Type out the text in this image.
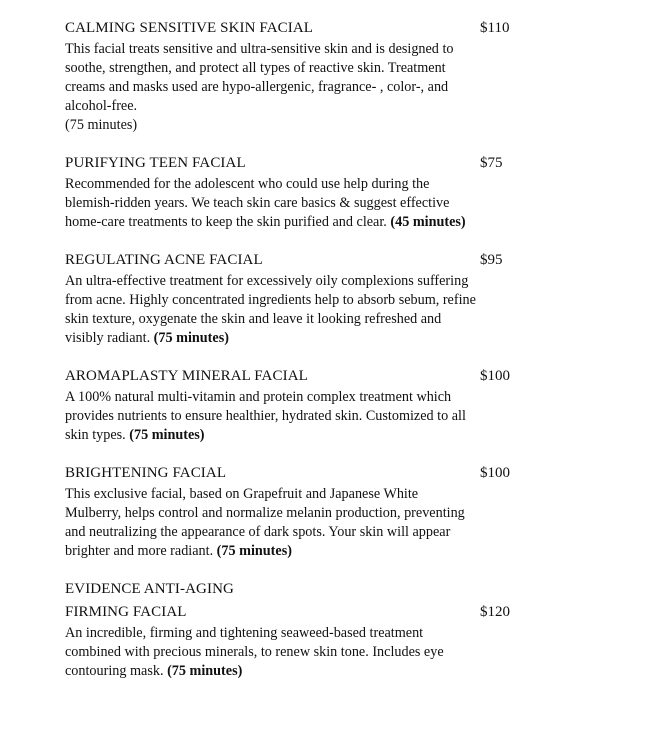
CALMING SENSITIVE SKIN FACIAL	$110
This facial treats sensitive and ultra-sensitive skin and is designed to soothe, strengthen, and protect all types of reactive skin. Treatment creams and masks used are hypo-allergenic, fragrance- , color-, and alcohol-free.
(75 minutes)
PURIFYING TEEN FACIAL	$75
Recommended for the adolescent who could use help during the blemish-ridden years. We teach skin care basics & suggest effective home-care treatments to keep the skin purified and clear. (45 minutes)
REGULATING ACNE FACIAL	$95
An ultra-effective treatment for excessively oily complexions suffering from acne. Highly concentrated ingredients help to absorb sebum, refine skin texture, oxygenate the skin and leave it looking refreshed and visibly radiant. (75 minutes)
AROMAPLASTY MINERAL FACIAL	$100
A 100% natural multi-vitamin and protein complex treatment which provides nutrients to ensure healthier, hydrated skin. Customized to all skin types. (75 minutes)
BRIGHTENING FACIAL	$100
This exclusive facial, based on Grapefruit and Japanese White Mulberry, helps control and normalize melanin production, preventing and neutralizing the appearance of dark spots. Your skin will appear brighter and more radiant. (75 minutes)
EVIDENCE ANTI-AGING
FIRMING FACIAL	$120
An incredible, firming and tightening seaweed-based treatment combined with precious minerals, to renew skin tone. Includes eye contouring mask. (75 minutes)
